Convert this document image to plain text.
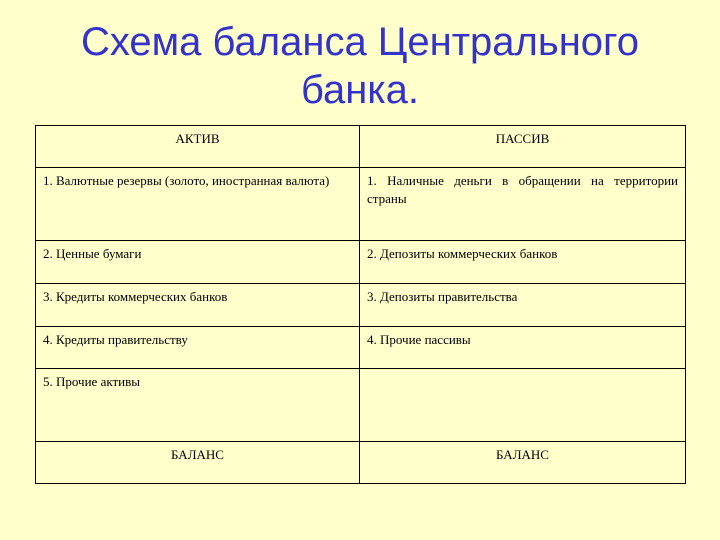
Схема баланса Центрального
банка.
АКТИВ	ПАССИВ
1. Валютные резервы (золото, иностранная валюта)	1. Наличные деньги в обращении на территории страны
2. Ценные бумаги	2. Депозиты коммерческих банков
3. Кредиты коммерческих банков	3. Депозиты правительства
4. Кредиты правительству	4. Прочие пассивы
5. Прочие активы	
БАЛАНС	БАЛАНС
